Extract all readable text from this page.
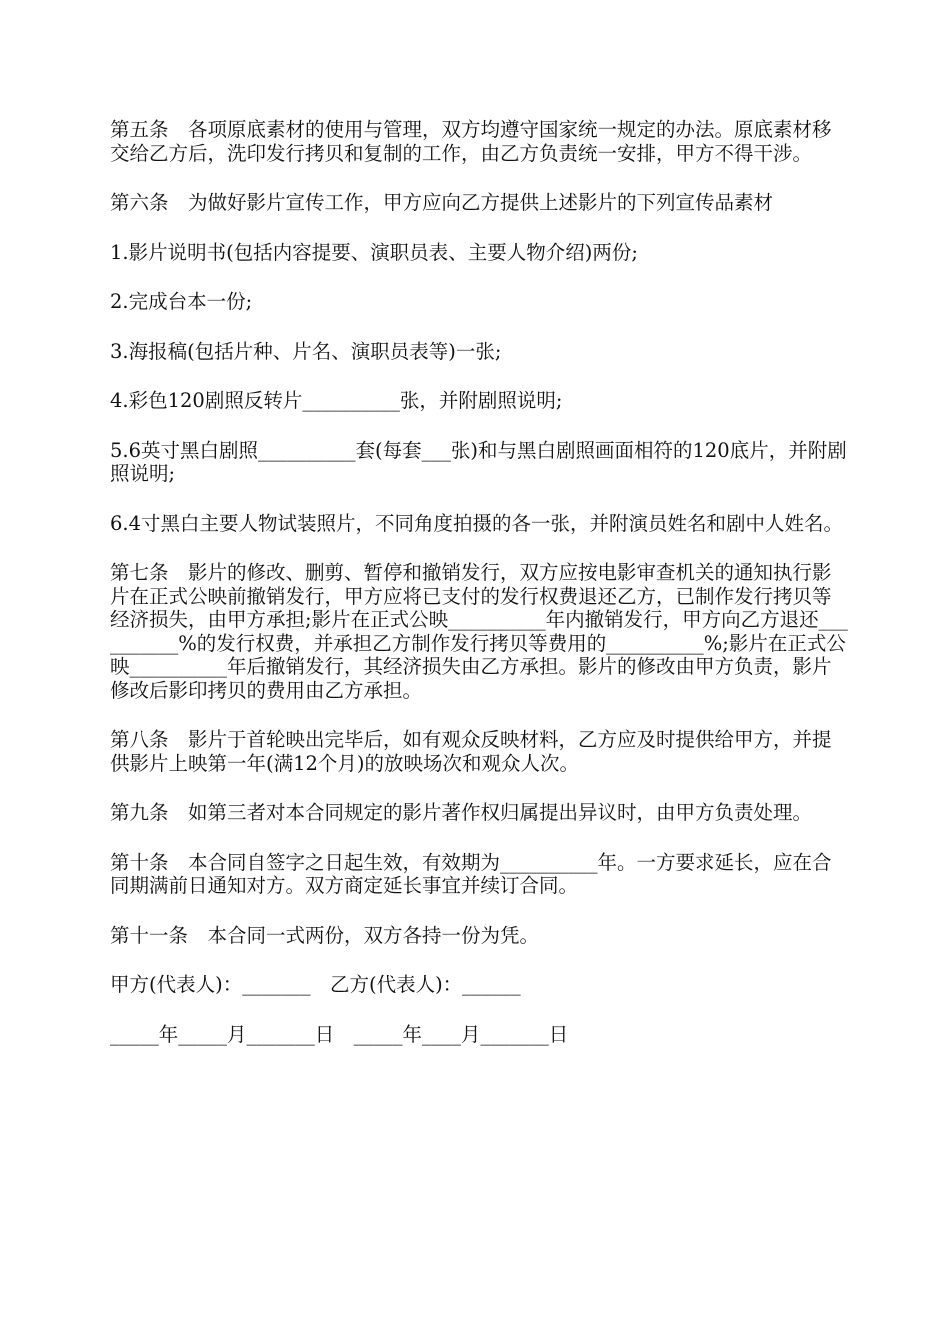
第五条　各项原底素材的使用与管理，双方均遵守国家统一规定的办法。原底素材移交给乙方后，洗印发行拷贝和复制的工作，由乙方负责统一安排，甲方不得干涉。

第六条　为做好影片宣传工作，甲方应向乙方提供上述影片的下列宣传品素材

1.影片说明书(包括内容提要、演职员表、主要人物介绍)两份;

2.完成台本一份;

3.海报稿(包括片种、片名、演职员表等)一张;

4.彩色120剧照反转片__________张，并附剧照说明;

5.6英寸黑白剧照__________套(每套___张)和与黑白剧照画面相符的120底片，并附剧照说明;

6.4寸黑白主要人物试装照片，不同角度拍摄的各一张，并附演员姓名和剧中人姓名。

第七条　影片的修改、删剪、暂停和撤销发行，双方应按电影审查机关的通知执行影片在正式公映前撤销发行，甲方应将已支付的发行权费退还乙方，已制作发行拷贝等经济损失，由甲方承担;影片在正式公映__________年内撤销发行，甲方向乙方退还__________%的发行权费，并承担乙方制作发行拷贝等费用的__________%;影片在正式公映__________年后撤销发行，其经济损失由乙方承担。影片的修改由甲方负责，影片修改后影印拷贝的费用由乙方承担。

第八条　影片于首轮映出完毕后，如有观众反映材料，乙方应及时提供给甲方，并提供影片上映第一年(满12个月)的放映场次和观众人次。

第九条　如第三者对本合同规定的影片著作权归属提出异议时，由甲方负责处理。

第十条　本合同自签字之日起生效，有效期为__________年。一方要求延长，应在合同期满前日通知对方。双方商定延长事宜并续订合同。

第十一条　本合同一式两份，双方各持一份为凭。

甲方(代表人)：_______　乙方(代表人)：______

_____年_____月_______日　_____年____月_______日
